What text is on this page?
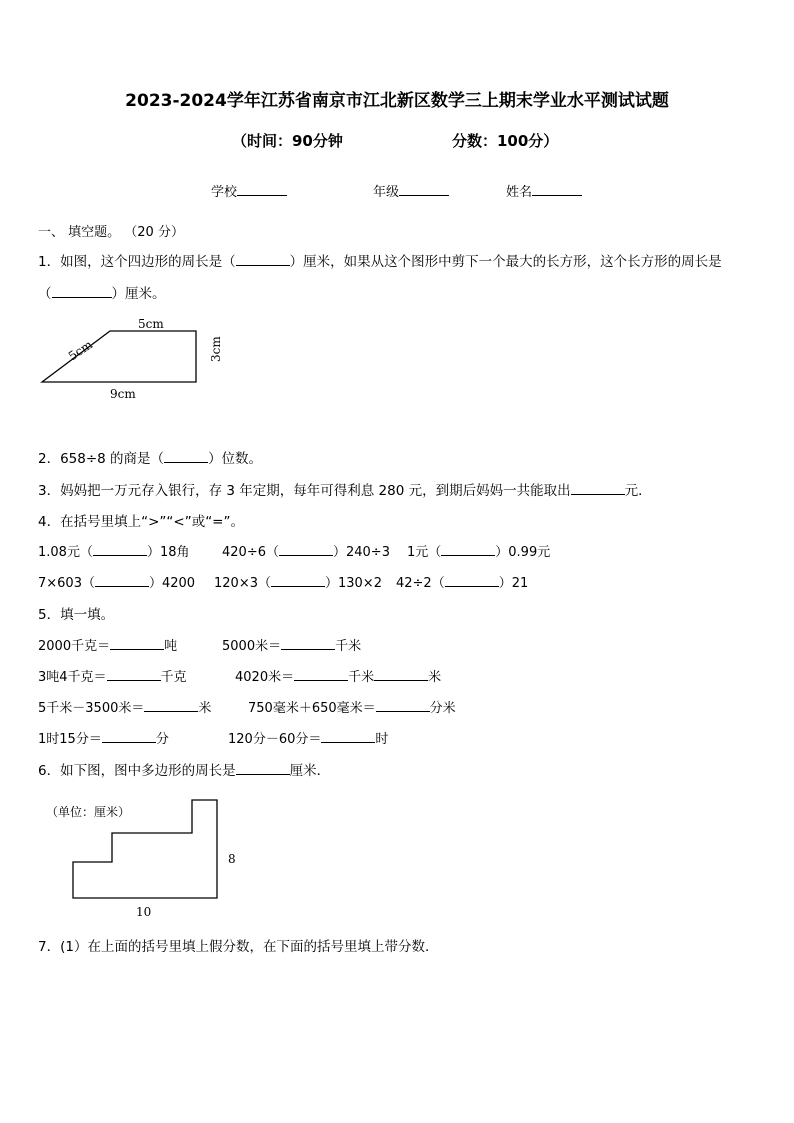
2023-2024学年江苏省南京市江北新区数学三上期末学业水平测试试题
（时间：90分钟	分数：100分）
学校	年级	姓名
一、 填空题。 （20 分）
1．如图，这个四边形的周长是（	）厘米，如果从这个图形中剪下一个最大的长方形，这个长方形的周长是
（	）厘米。
5cm
5cm	3cm
9cm
2．658÷8 的商是（	）位数。
3．妈妈把一万元存入银行，存 3 年定期，每年可得利息 280 元，到期后妈妈一共能取出	元．
4．在括号里填上“>”“<”或“=”。
1.08元（	）18角	420÷6（	）240÷3 1元（	）0.99元
7×603（	）4200 120×3（	）130×2 42÷2（	）21
5．填一填。
2000千克＝	吨	5000米＝	千米
3吨4千克＝	千克	4020米＝	千米	米
5千米－3500米＝	米	750毫米＋650毫米＝	分米
1时15分＝	分	120分－60分＝	时
6．如下图，图中多边形的周长是	厘米．
（单位：厘米）
8
10
7．(1）在上面的括号里填上假分数，在下面的括号里填上带分数．
